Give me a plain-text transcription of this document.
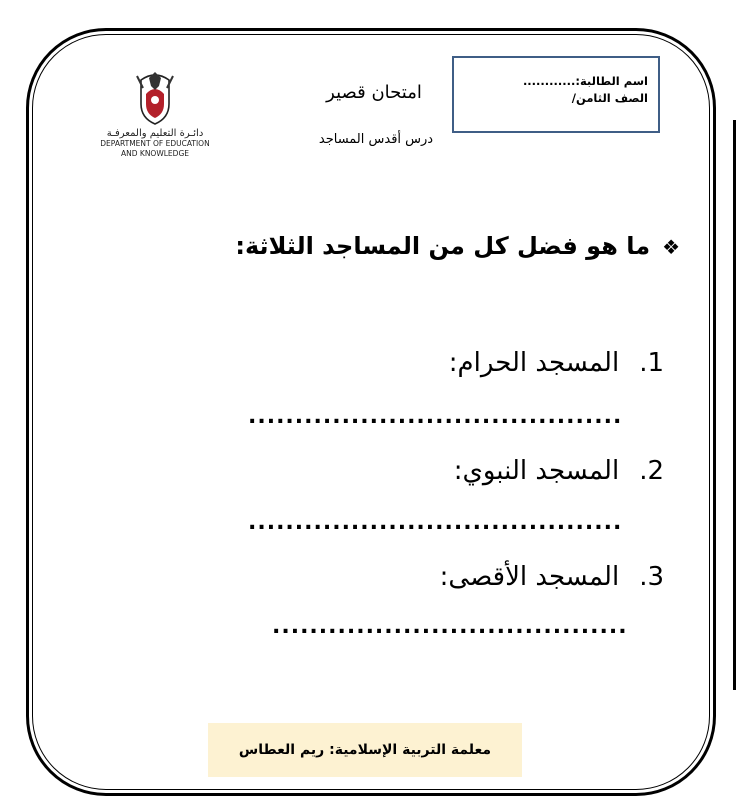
دائـرة التعليم والمعرفـة
DEPARTMENT OF EDUCATION
AND KNOWLEDGE
امتحان قصير
درس أقدس المساجد
اسم الطالبة:............
الصف الثامن/
❖ما هو فضل كل من المساجد الثلاثة:
1.المسجد الحرام:
........................................
2.المسجد النبوي:
........................................
3.المسجد الأقصى:
......................................
معلمة التربية الإسلامية: ريم العطاس
